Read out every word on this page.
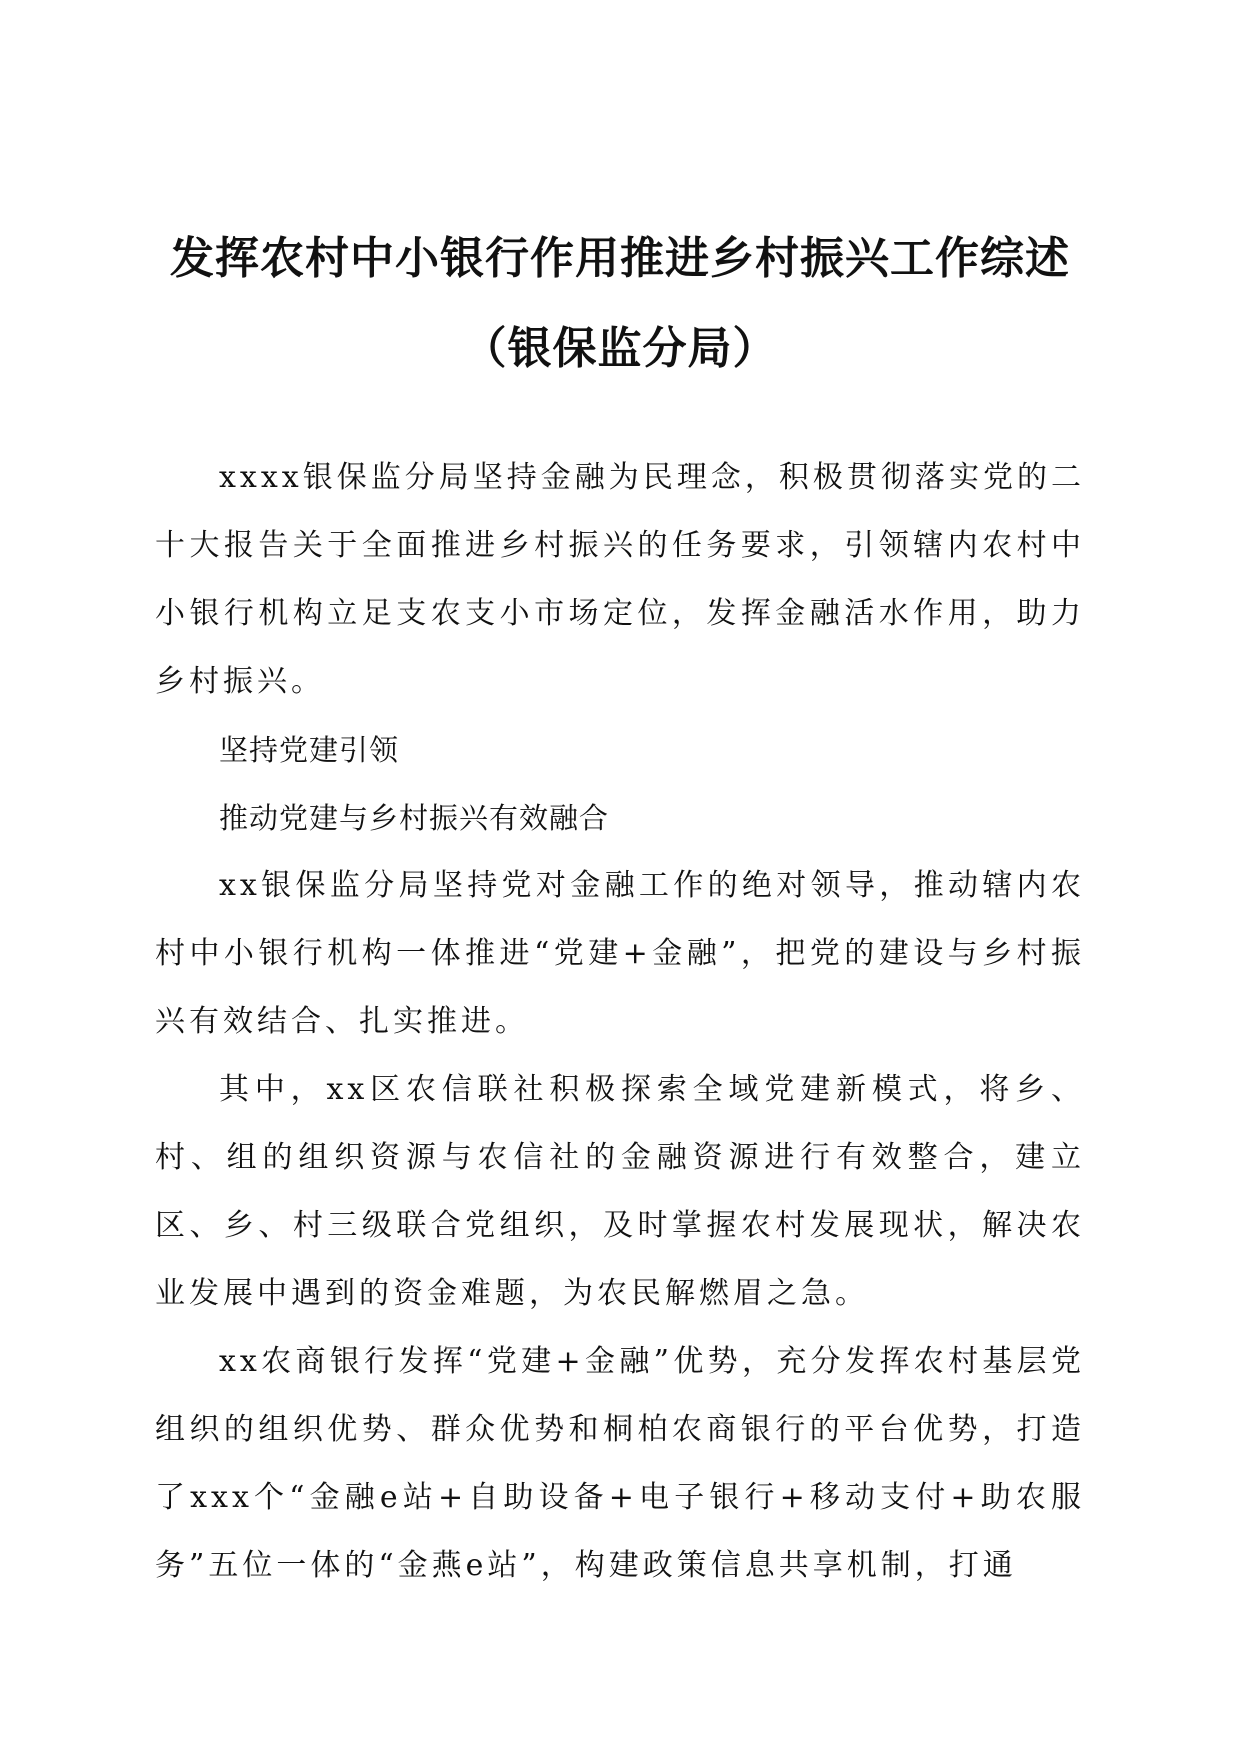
发挥农村中小银行作用推进乡村振兴工作综述
（银保监分局）

xxxx银保监分局坚持金融为民理念，积极贯彻落实党的二十大报告关于全面推进乡村振兴的任务要求，引领辖内农村中小银行机构立足支农支小市场定位，发挥金融活水作用，助力乡村振兴。

坚持党建引领

推动党建与乡村振兴有效融合

xx银保监分局坚持党对金融工作的绝对领导，推动辖内农村中小银行机构一体推进“党建+金融”，把党的建设与乡村振兴有效结合、扎实推进。

其中，xx区农信联社积极探索全域党建新模式，将乡、村、组的组织资源与农信社的金融资源进行有效整合，建立区、乡、村三级联合党组织，及时掌握农村发展现状，解决农业发展中遇到的资金难题，为农民解燃眉之急。

xx农商银行发挥“党建+金融”优势，充分发挥农村基层党组织的组织优势、群众优势和桐柏农商银行的平台优势，打造了xxx个“金融e站+自助设备+电子银行+移动支付+助农服务”五位一体的“金燕e站”，构建政策信息共享机制，打通
